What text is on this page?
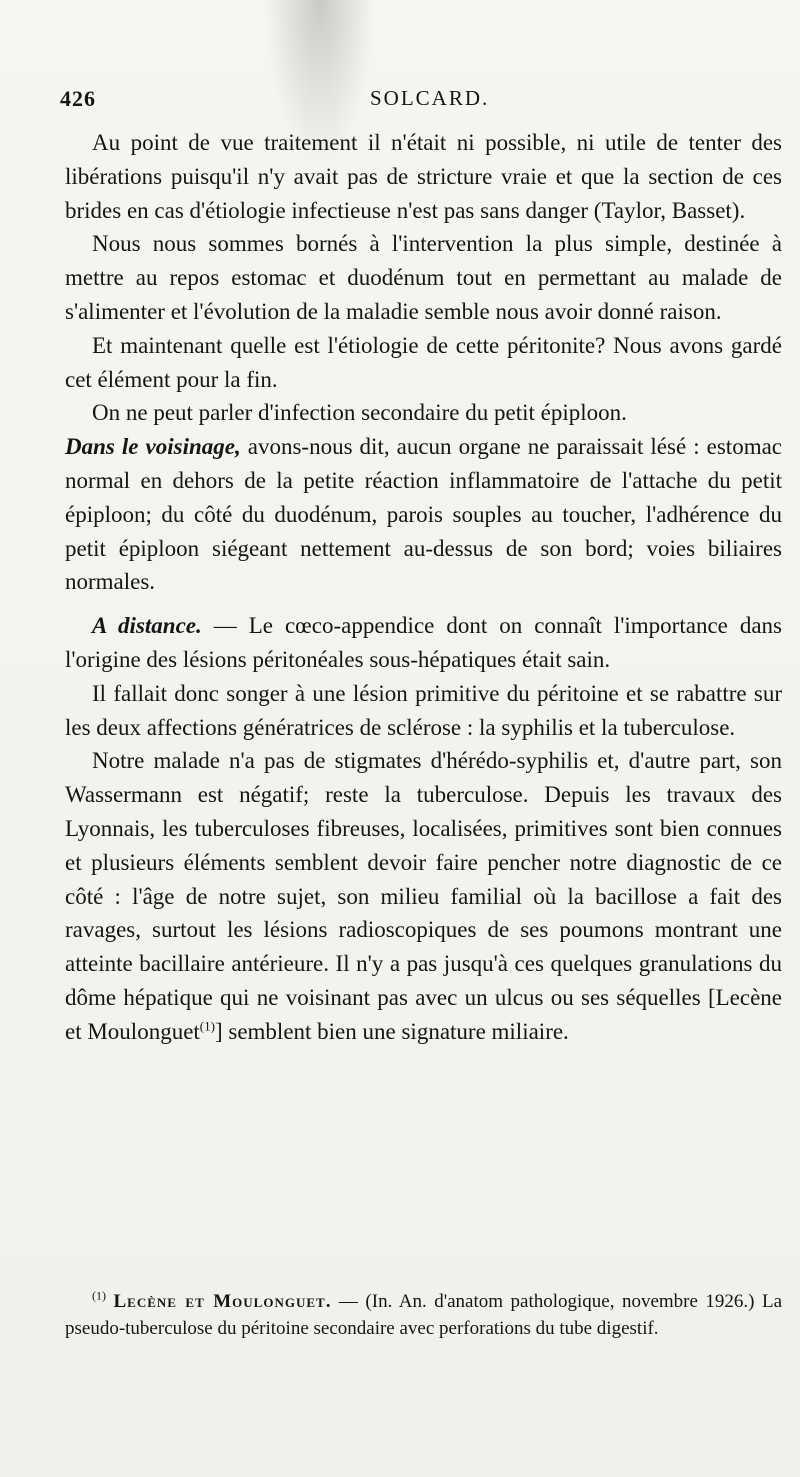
426	SOLCARD.

Au point de vue traitement il n'était ni possible, ni utile de tenter des libérations puisqu'il n'y avait pas de stricture vraie et que la section de ces brides en cas d'étiologie infectieuse n'est pas sans danger (Taylor, Basset).

Nous nous sommes bornés à l'intervention la plus simple, destinée à mettre au repos estomac et duodénum tout en permettant au malade de s'alimenter et l'évolution de la maladie semble nous avoir donné raison.

Et maintenant quelle est l'étiologie de cette péritonite? Nous avons gardé cet élément pour la fin.

On ne peut parler d'infection secondaire du petit épiploon.

Dans le voisinage, avons-nous dit, aucun organe ne paraissait lésé : estomac normal en dehors de la petite réaction inflammatoire de l'attache du petit épiploon; du côté du duodénum, parois souples au toucher, l'adhérence du petit épiploon siégeant nettement au-dessus de son bord; voies biliaires normales.

A distance. — Le cœco-appendice dont on connaît l'importance dans l'origine des lésions péritonéales sous-hépatiques était sain.

Il fallait donc songer à une lésion primitive du péritoine et se rabattre sur les deux affections génératrices de sclérose : la syphilis et la tuberculose.

Notre malade n'a pas de stigmates d'hérédo-syphilis et, d'autre part, son Wassermann est négatif; reste la tuberculose. Depuis les travaux des Lyonnais, les tuberculoses fibreuses, localisées, primitives sont bien connues et plusieurs éléments semblent devoir faire pencher notre diagnostic de ce côté : l'âge de notre sujet, son milieu familial où la bacillose a fait des ravages, surtout les lésions radioscopiques de ses poumons montrant une atteinte bacillaire antérieure. Il n'y a pas jusqu'à ces quelques granulations du dôme hépatique qui ne voisinant pas avec un ulcus ou ses séquelles [Lecène et Moulonguet$^{(1)}$] semblent bien une signature miliaire.

$^{(1)}$ Lecène et Moulonguet. — (In. An. d'anatom pathologique, novembre 1926.) La pseudo-tuberculose du péritoine secondaire avec perforations du tube digestif.
